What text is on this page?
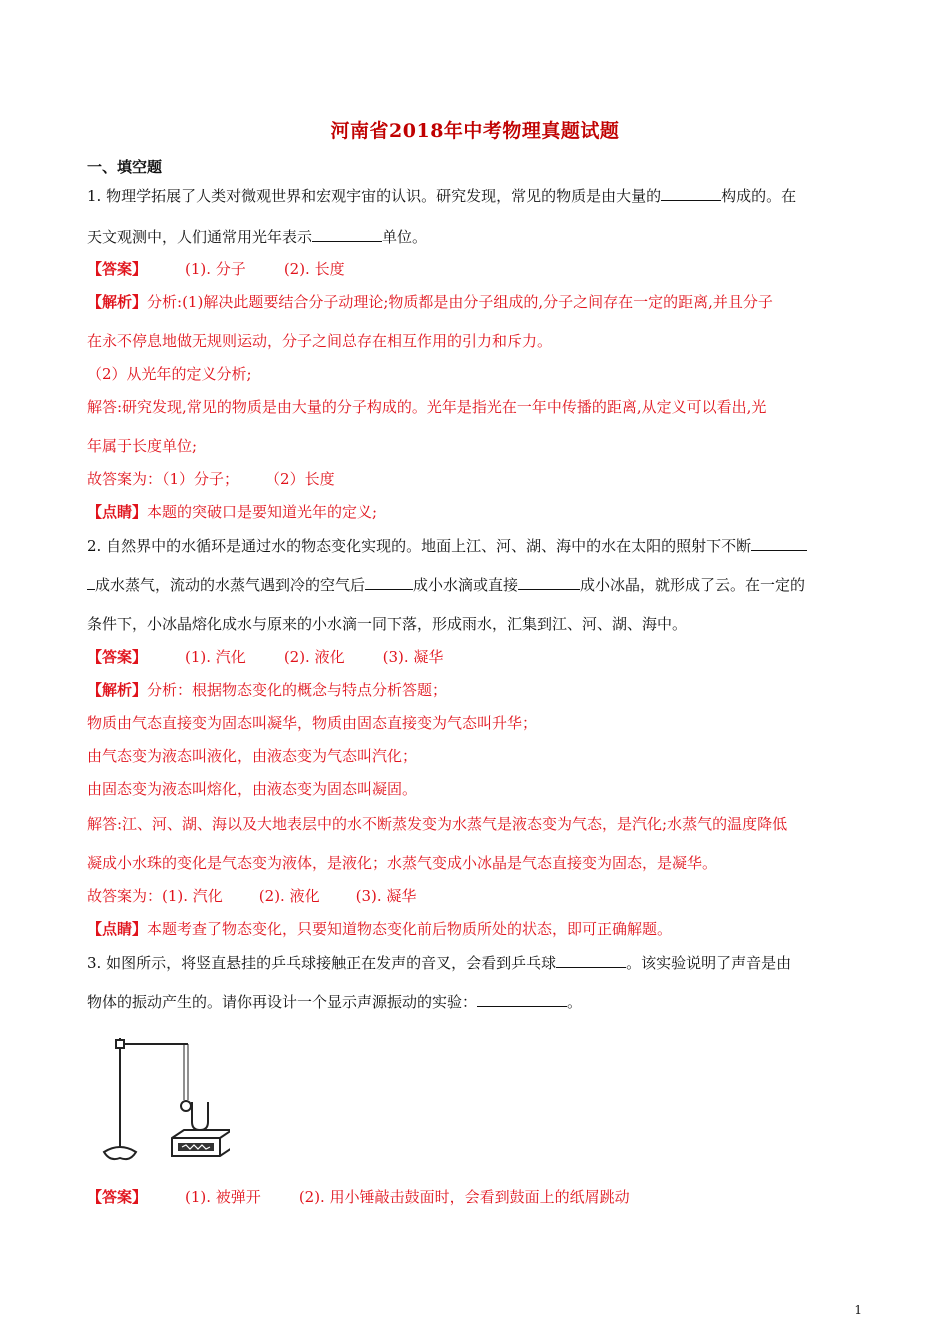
河南省2018年中考物理真题试题
一、填空题
1. 物理学拓展了人类对微观世界和宏观宇宙的认识。研究发现，常见的物质是由大量的	构成的。在
天文观测中，人们通常用光年表示	单位。
【答案】	(1). 分子	(2). 长度
【解析】分析:(1)解决此题要结合分子动理论;物质都是由分子组成的,分子之间存在一定的距离,并且分子
在永不停息地做无规则运动，分子之间总存在相互作用的引力和斥力。
（2）从光年的定义分析;
解答:研究发现,常见的物质是由大量的分子构成的。光年是指光在一年中传播的距离,从定义可以看出,光
年属于长度单位;
故答案为：（1）分子； （2）长度
【点睛】本题的突破口是要知道光年的定义;
2. 自然界中的水循环是通过水的物态变化实现的。地面上江、河、湖、海中的水在太阳的照射下不断
成水蒸气，流动的水蒸气遇到冷的空气后	成小水滴或直接	成小冰晶，就形成了云。在一定的
条件下，小冰晶熔化成水与原来的小水滴一同下落，形成雨水，汇集到江、河、湖、海中。
【答案】	(1). 汽化	(2). 液化	(3). 凝华
【解析】分析：根据物态变化的概念与特点分析答题；
物质由气态直接变为固态叫凝华，物质由固态直接变为气态叫升华；
由气态变为液态叫液化，由液态变为气态叫汽化；
由固态变为液态叫熔化，由液态变为固态叫凝固。
解答:江、河、湖、海以及大地表层中的水不断蒸发变为水蒸气是液态变为气态，是汽化;水蒸气的温度降低
凝成小水珠的变化是气态变为液体，是液化；水蒸气变成小冰晶是气态直接变为固态，是凝华。
故答案为：(1). 汽化 (2). 液化 (3). 凝华
【点睛】本题考查了物态变化，只要知道物态变化前后物质所处的状态，即可正确解题。
3. 如图所示，将竖直悬挂的乒乓球接触正在发声的音叉，会看到乒乓球	。该实验说明了声音是由
物体的振动产生的。请你再设计一个显示声源振动的实验：	。
【答案】	(1). 被弹开	(2). 用小锤敲击鼓面时，会看到鼓面上的纸屑跳动
1
